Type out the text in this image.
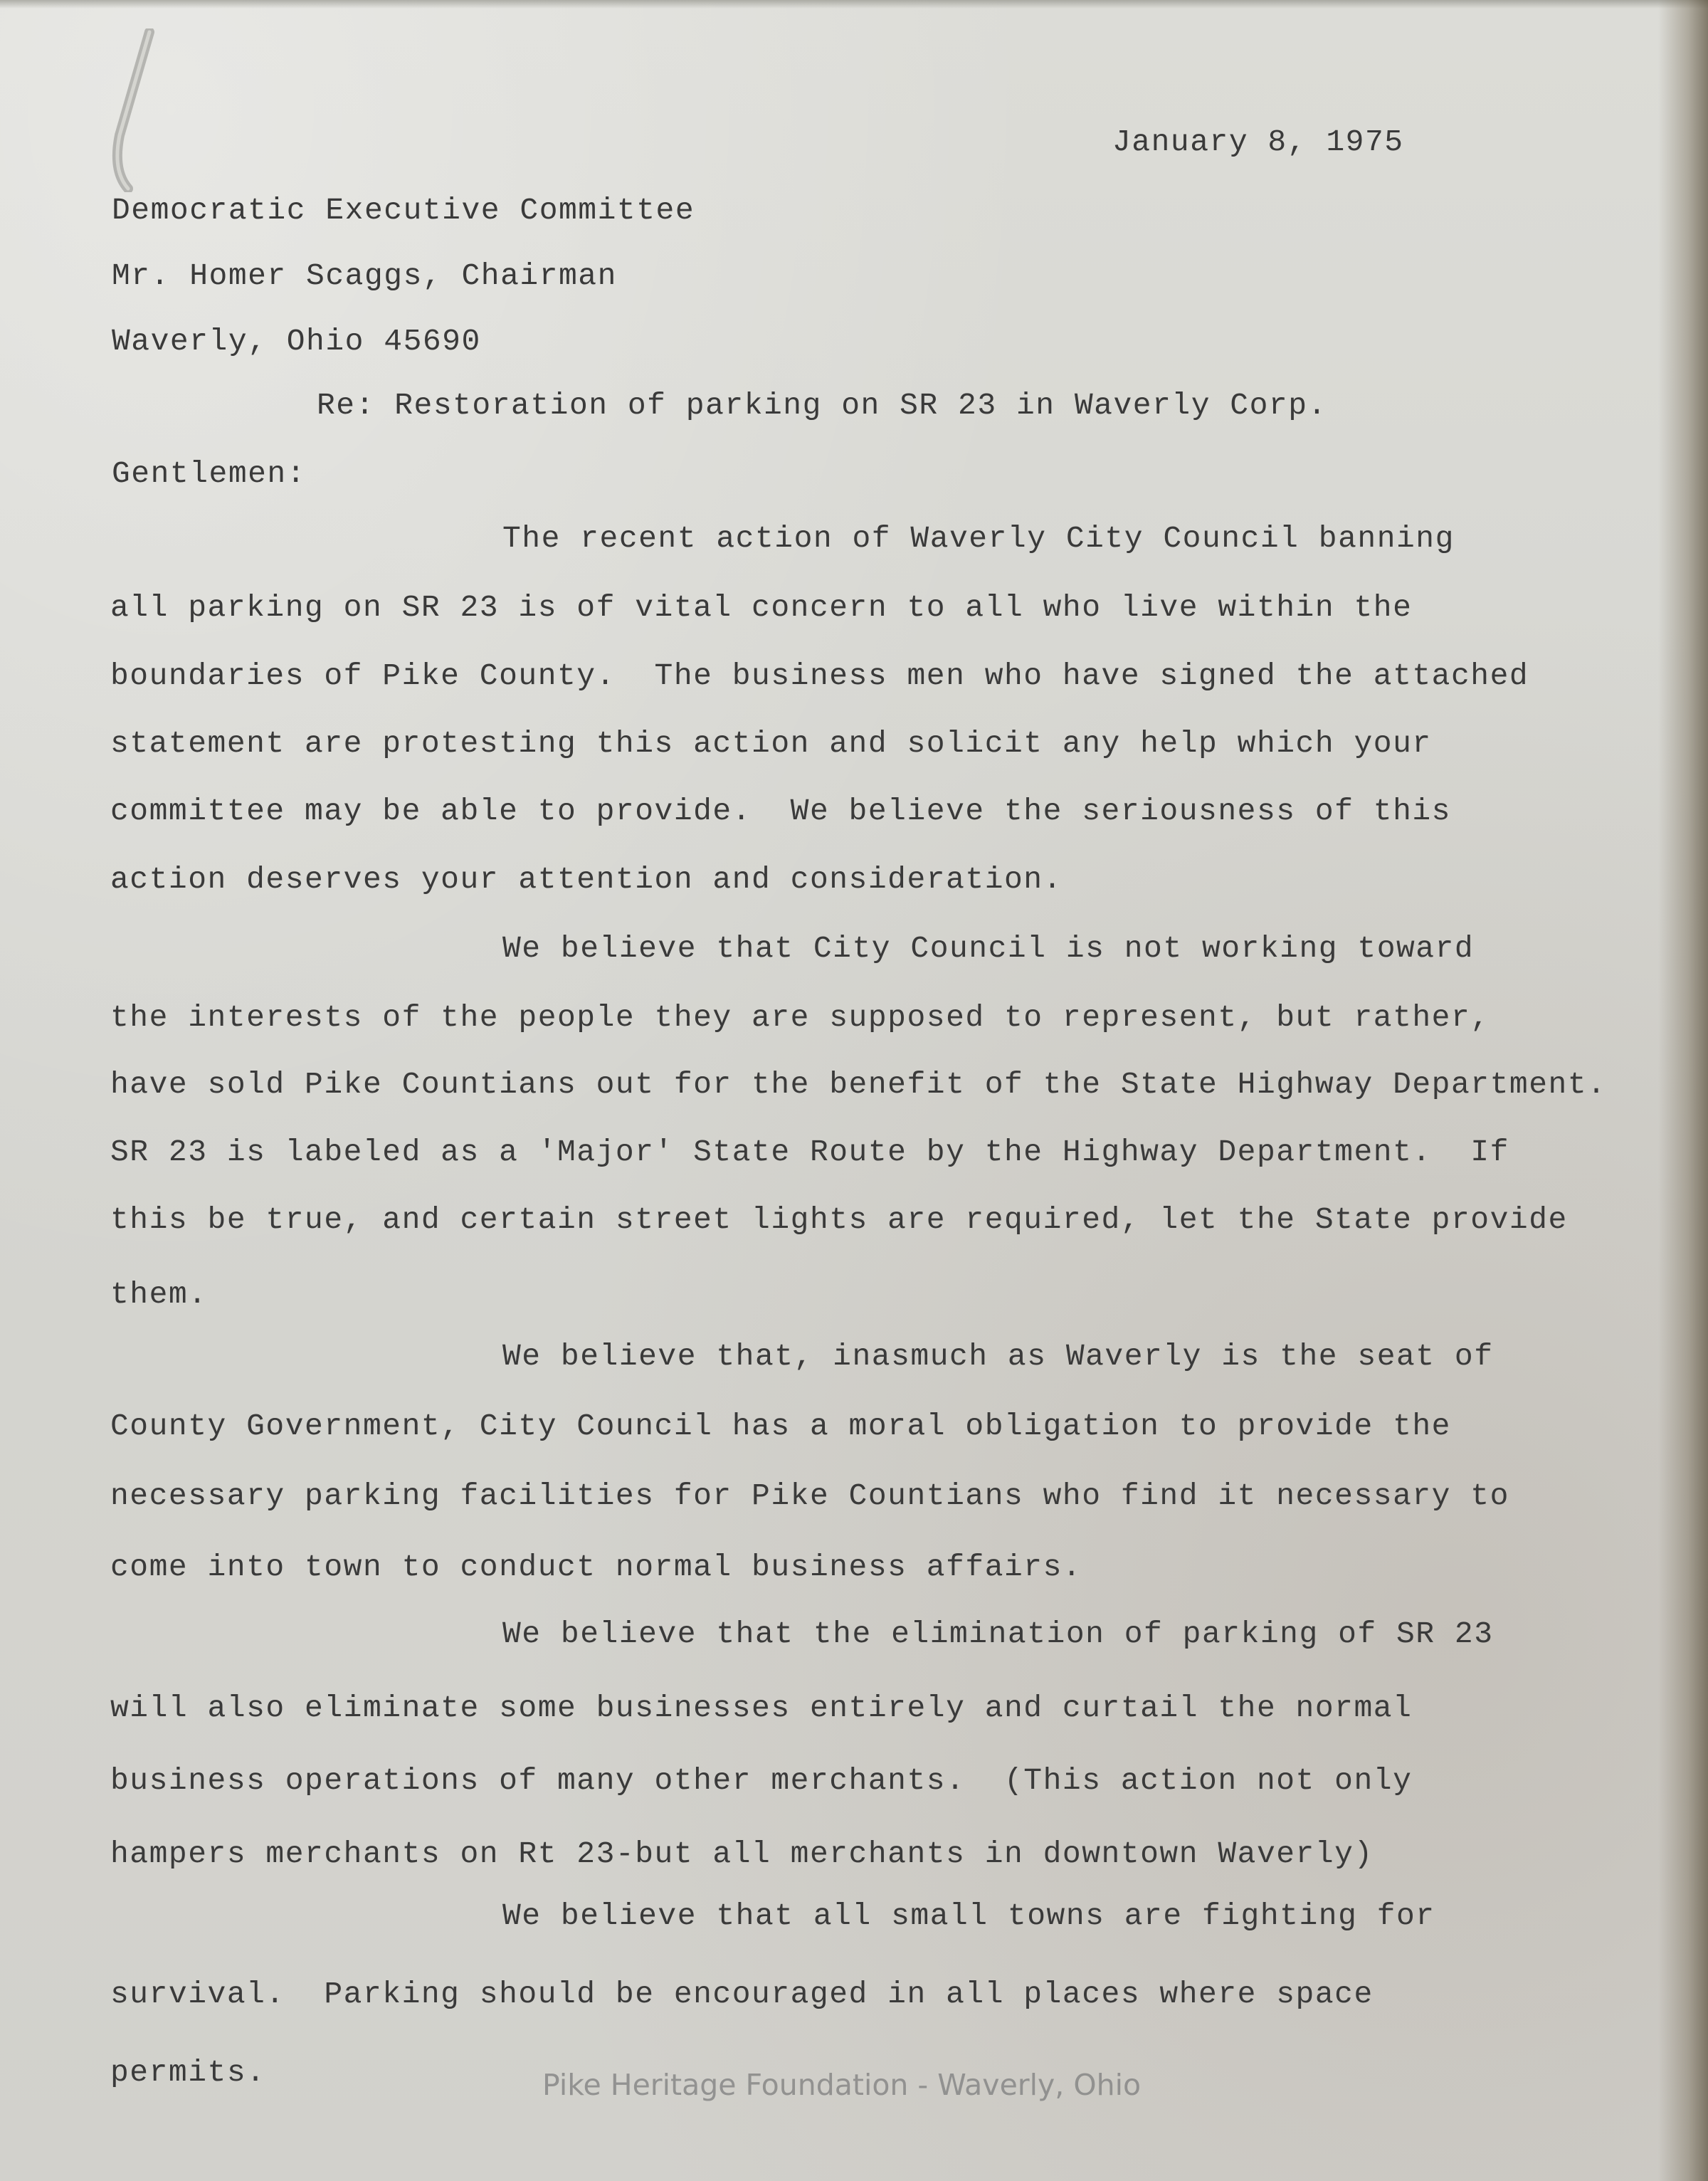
January 8, 1975
Democratic Executive Committee
Mr. Homer Scaggs, Chairman
Waverly, Ohio 45690
Re: Restoration of parking on SR 23 in Waverly Corp.
Gentlemen:
The recent action of Waverly City Council banning
all parking on SR 23 is of vital concern to all who live within the
boundaries of Pike County.  The business men who have signed the attached
statement are protesting this action and solicit any help which your
committee may be able to provide.  We believe the seriousness of this
action deserves your attention and consideration.
We believe that City Council is not working toward
the interests of the people they are supposed to represent, but rather,
have sold Pike Countians out for the benefit of the State Highway Department.
SR 23 is labeled as a 'Major' State Route by the Highway Department.  If
this be true, and certain street lights are required, let the State provide
them.
We believe that, inasmuch as Waverly is the seat of
County Government, City Council has a moral obligation to provide the
necessary parking facilities for Pike Countians who find it necessary to
come into town to conduct normal business affairs.
We believe that the elimination of parking of SR 23
will also eliminate some businesses entirely and curtail the normal
business operations of many other merchants.  (This action not only
hampers merchants on Rt 23-but all merchants in downtown Waverly)
We believe that all small towns are fighting for
survival.  Parking should be encouraged in all places where space
permits.	Pike Heritage Foundation - Waverly, Ohio
